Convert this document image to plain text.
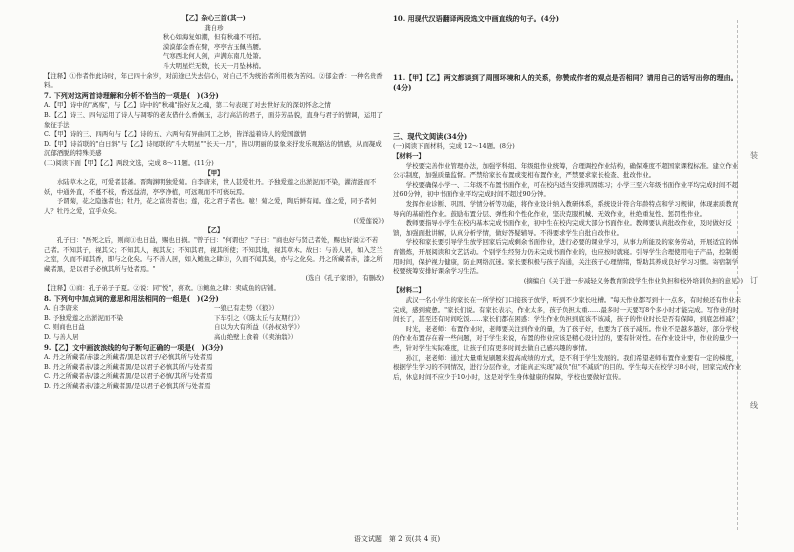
装
订
线

【乙】杂心三首(其一)

龚自珍

秋心如海复如潮，但有秋魂不可招。

漠漠郁金香在臂，亭亭古玉佩当腰。

气寒西北何人剑，声满东南几处箫。

斗大明星烂无数，长天一月坠林梢。

【注释】①作者作此诗时，年已四十余岁，对前途已失去信心，对自己不为统治者所用极为苦闷。②郁金香：一种名贵香料。

7. 下列对这两首诗理解和分析不恰当的一项是(　)(3分)

A.【甲】诗中的"离殇"，与【乙】诗中的"秋魂"指好友之魂，第二句表现了对去世好友的深切怀念之情

B.【乙】诗三、四句运用了诗人与凋零的老友借什么香佩玉，志行高洁的君子，面芬芳品貌，直身与君子的情调，运用了象征手法

C.【甲】诗的三、四两句与【乙】诗的五、六两句有异曲同工之妙，皆洋溢着诗人的爱国激情

D.【甲】诗首联的"白日斜"与【乙】诗尾联的"斗大明星""长天一月"，皆以明丽的景象来抒发乐观豁达的情感，从而凝成沉郁酒脱的特殊美感

(二)阅读下面【甲】【乙】两段文选，完成 8～11题。(11分)

【甲】

水陆草木之花，可爱者甚蕃。晋陶渊明独爱菊。自李唐来，世人甚爱牡丹。予独爱莲之出淤泥而不染，濯清涟而不妖，中通外直，不蔓不枝，香远益清，亭亭净植，可远观而不可亵玩焉。

予谓菊，花之隐逸者也；牡丹，花之富贵者也；莲，花之君子者也。噫！菊之爱，陶后鲜有闻。莲之爱，同予者何人？牡丹之爱，宜乎众矣。

(《爱莲说》)

【乙】

孔子曰："吾死之后，则商①也日益，赐也日损。"曾子曰："何谓也？"子曰："商也好与贤己者处，赐也好说②不若己者。不知其子，视其父；不知其人，视其友；不知其君，视其所使；不知其地，视其草木。故曰：与善人居，如入芝兰之室，久而不闻其香，即与之化矣。与不善人居，如入鲍鱼之肆③，久而不闻其臭，亦与之化矣。丹之所藏者赤，漆之所藏者黑，是以君子必慎其所与处者焉。"

(选自《孔子家语》，有删改)

【注释】①商：孔子弟子子夏。②说：同"悦"，喜欢。③鲍鱼之肆：卖咸鱼的店铺。

8. 下列句中加点词的意思和用法相同的一组是(　)(2分)

A. 自李唐来	一狼已有走势（《狼》）
B. 予独爱莲之出淤泥而不染	下车引之（《陈太丘与友期行》）
C. 则商也日益	自以为大有所益（《孙权劝学》）
D. 与善人居	高山绝壁上食着（《卖油翁》）

9.【乙】文中画波浪线的句子断句正确的一项是(　)(3分)

A. 丹之所藏者/赤漆之所藏者/黑是以君子/必慎其所与处者焉

B. 丹之所藏者赤/漆之所藏者黑/是以君子必慎其所/与处者焉

C. 丹之所藏者赤/漆之所藏者黑/是以君子必慎/其所与处者焉

D. 丹之所藏者赤/漆之所藏者黑/是以君子必慎其所与处者焉

10. 用现代汉语翻译两段选文中画直线的句子。(4分)

11.【甲】【乙】两文都谈到了周围环境和人的关系，你赞成作者的观点是否相同？请用自己的话写出你的理由。(4分)

三、现代文阅读(34分)

(一)阅读下面材料，完成 12～14题。(8分)

【材料一】

学校要完善作业管理办法，加强学科组、年级组作业统筹，合理调控作业结构，确保难度不超国家课程标准。建立作业公示制度，加强质量监督。严禁给家长布置或变相布置作业，严禁要求家长检查、批改作业。

学校要确保小学一、二年级不布置书面作业，可在校内适当安排巩固练习；小学三至六年级书面作业平均完成时间不超过60分钟，初中书面作业平均完成时间不超过90分钟。

发挥作业诊断、巩固、学情分析等功能，将作业设计纳入教研体系，系统设计符合年龄特点和学习规律，体现素质教育导向的基础性作业。鼓励布置分层、弹性和个性化作业，坚决克服机械、无效作业，杜绝重复性、惩罚性作业。

教师要指导小学生在校内基本完成书面作业，初中生在校内完成大部分书面作业。教师要认真批改作业，及时做好反馈，加强面批讲解，认真分析学情，做好答疑辅导。不得要求学生自批自改作业。

学校和家长要引导学生放学回家后完成剩余书面作业，进行必要的课业学习，从事力所能及的家务劳动，开展适宜的体育锻炼，开展阅读和文艺活动。个别学生经努力仍未完成书面作业的，也应按时就寝。引导学生合理使用电子产品，控制使用时间，保护视力健康，防止网络沉迷。家长要积极与孩子沟通，关注孩子心理情绪，帮助其养成良好学习习惯。寄宿制学校要统筹安排好课余学习生活。

(摘编自《关于进一步减轻义务教育阶段学生作业负担和校外培训负担的意见》)

【材料二】

武汉一名小学生的家长在一所学校门口接孩子放学，听到不少家长吐槽。"每天作业都写到十一点多，有时候还有作业未完成，感到疲惫。"家长们说。有家长表示，作业太多，孩子负担太重……最多时一天要写8个多小时才能完成。写作业的时间长了，甚至还有时间吃饭……家长们都在困惑：学生作业负担到底该不该减，孩子的作业时长是否有保障，到底怎样减？

时光，老老师：布置作业时，老师要关注到作业的量，为了孩子好，也要为了孩子减压。作业不是越多越好，部分学校的作业布置存在着一些问题，对于学生来说，布置的作业应该是精心设计过的，要有针对性。在作业设计中，作业的量少一些，针对学生实际难度，让孩子们有更多时间去做自己感兴趣的事情。

孙江，老老师：通过大量重复刷题来提高成绩的方式，是不利于学生发展的。我们希望老师布置作业要有一定的梯度，根据学生学习的不同情况，进行分层作业，才能真正实现"减负"但"不减质"的目的。学生每天在校学习8小时，回家完成作业后，休息时间不应少于10小时，这是对学生身体健康的保障，学校也要做好宣传。

语文试题　第 2 页(共 4 页)
